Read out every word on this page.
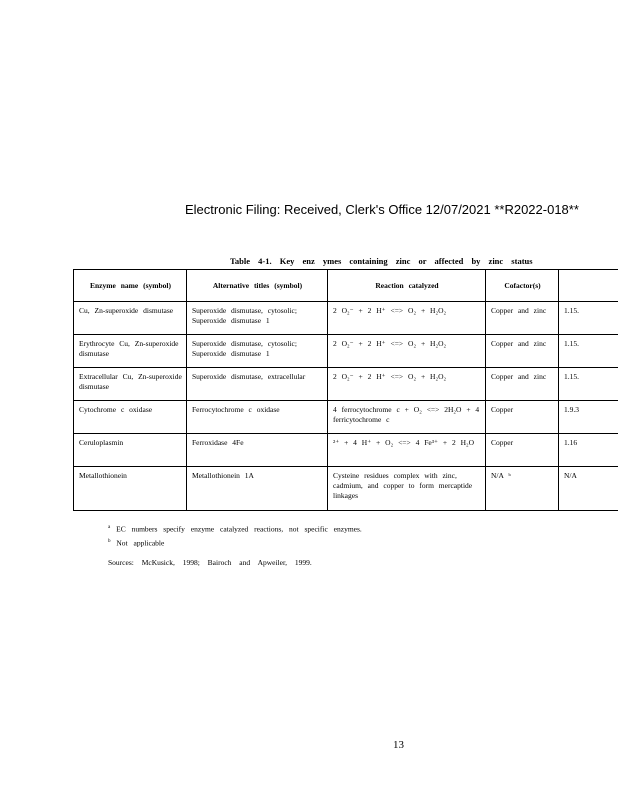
Electronic Filing: Received, Clerk's Office 12/07/2021 **R2022-018**
Table 4-1. Key enz ymes containing zinc or affected by zinc status
Enzyme name (symbol)	Alternative titles (symbol)	Reaction catalyzed	Cofactor(s)	
Cu, Zn-superoxide dismutase	Superoxide dismutase, cytosolic; Superoxide dismutase 1	2 O₂⁻ + 2 H⁺ <=> O₂ + H₂O₂	Copper and zinc	1.15.
Erythrocyte Cu, Zn-superoxide dismutase	Superoxide dismutase, cytosolic; Superoxide dismutase 1	2 O₂⁻ + 2 H⁺ <=> O₂ + H₂O₂	Copper and zinc	1.15.
Extracellular Cu, Zn-superoxide dismutase	Superoxide dismutase, extracellular	2 O₂⁻ + 2 H⁺ <=> O₂ + H₂O₂	Copper and zinc	1.15.
Cytochrome c oxidase	Ferrocytochrome c oxidase	4 ferrocytochrome c + O₂ <=> 2H₂O + 4 ferricytochrome c	Copper	1.9.3
Ceruloplasmin	Ferroxidase 4Fe	²⁺ + 4 H⁺ + O₂ <=> 4 Fe³⁺ + 2 H₂O	Copper	1.16
Metallothionein	Metallothionein 1A	Cysteine residues complex with zinc, cadmium, and copper to form mercaptide linkages	N/A ᵇ	N/A
$^a$ EC numbers specify enzyme catalyzed reactions, not specific enzymes.
$^b$ Not applicable
Sources: McKusick, 1998; Bairoch and Apweiler, 1999.
13
